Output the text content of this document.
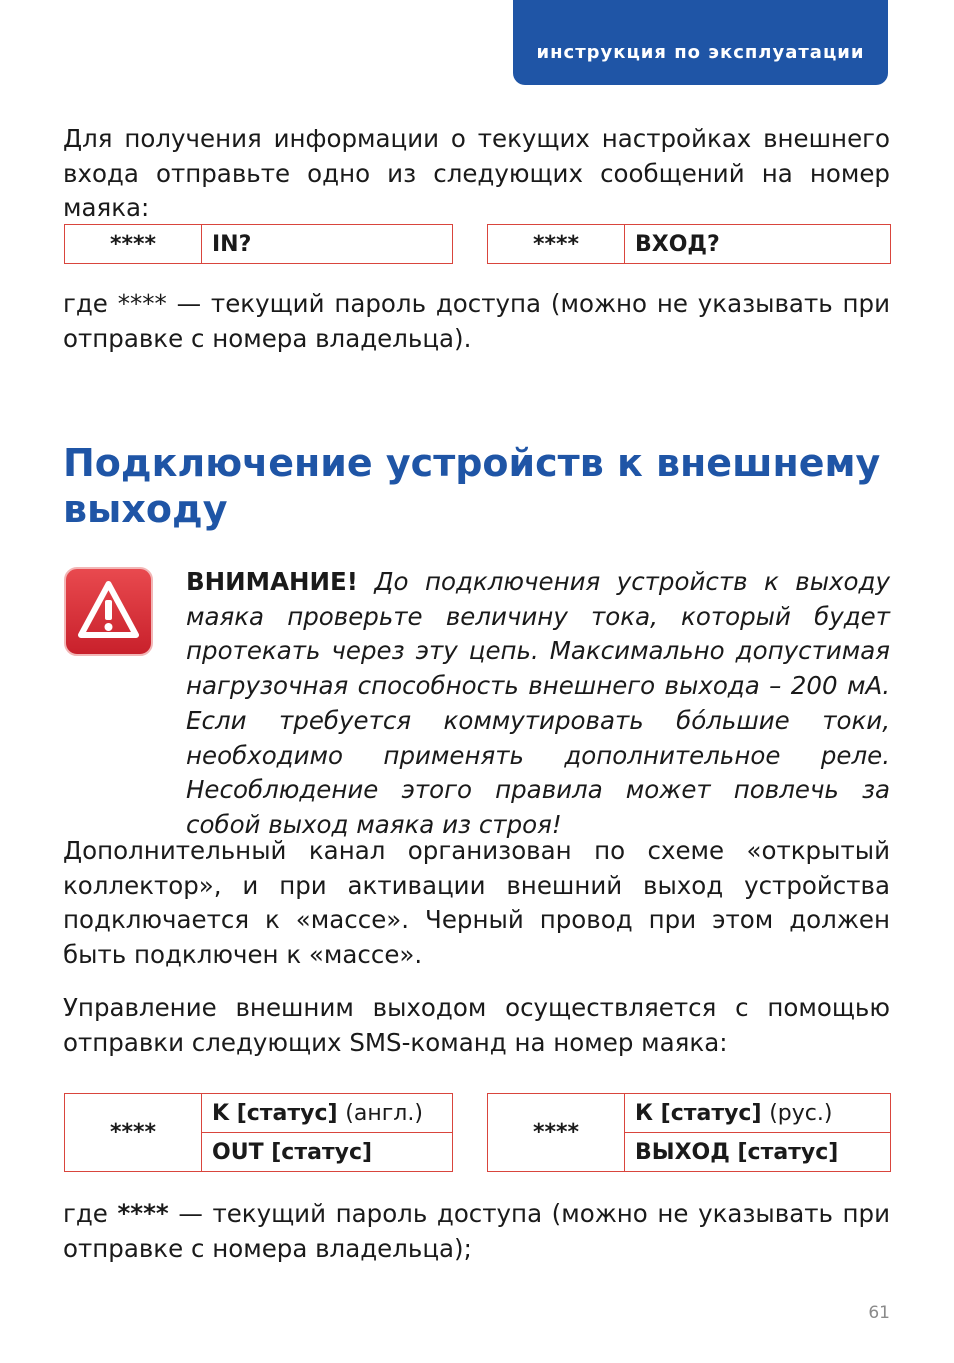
инструкция по эксплуатации

Для получения информации о текущих настройках внешнего входа отправьте одно из следующих сообщений на номер маяка:

****	IN?	****	ВХОД?

где **** — текущий пароль доступа (можно не указывать при отправке с номера владельца).

Подключение устройств к внешнему выходу

ВНИМАНИЕ! До подключения устройств к выходу маяка проверьте величину тока, который будет протекать через эту цепь. Максимально допустимая нагрузочная способность внешнего выхода – 200 мА. Если требуется коммутировать бо́льшие токи, необходимо применять дополнительное реле. Несоблюдение этого правила может повлечь за собой выход маяка из строя!

Дополнительный канал организован по схеме «открытый коллектор», и при активации внешний выход устройства подключается к «массе». Черный провод при этом должен быть подключен к «массе».

Управление внешним выходом осуществляется с помощью отправки следующих SMS-команд на номер маяка:

****	K [статус] (англ.)
OUT [статус]
****	К [статус] (рус.)
ВЫХОД [статус]

где **** — текущий пароль доступа (можно не указывать при отправке с номера владельца);

61
